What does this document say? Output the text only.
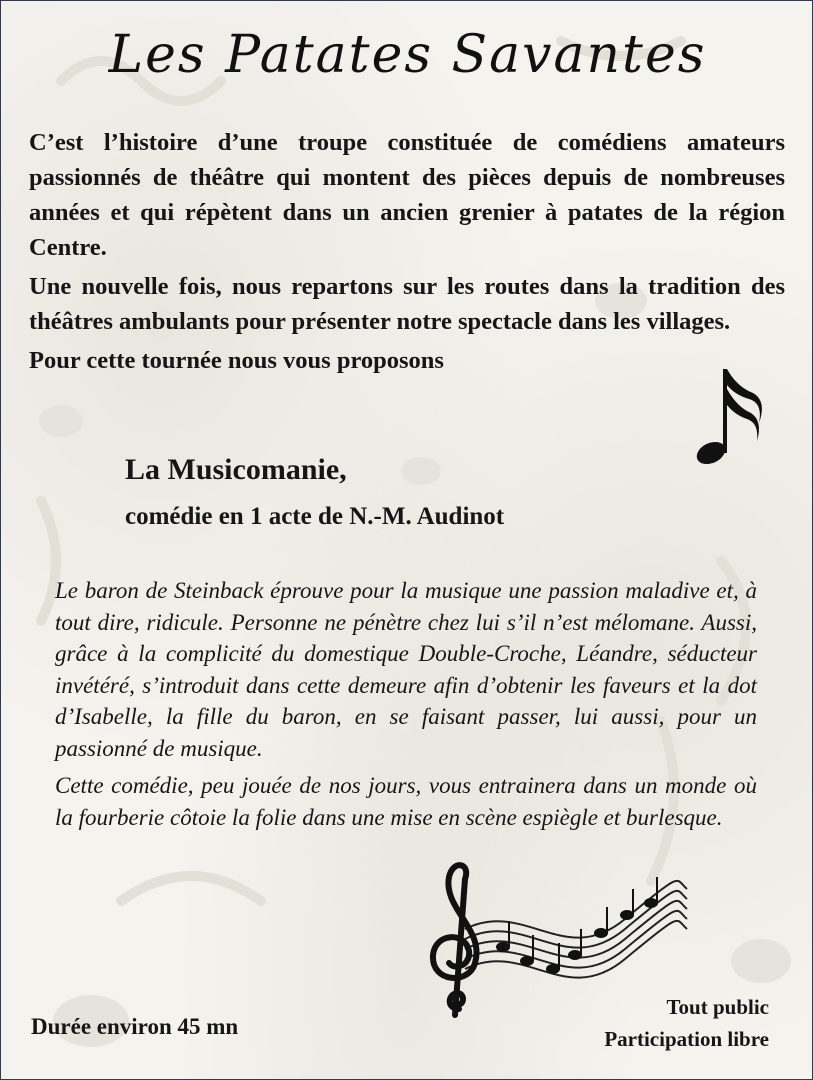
Les Patates Savantes

C’est l’histoire d’une troupe constituée de comédiens amateurs passionnés de théâtre qui montent des pièces depuis de nombreuses années et qui répètent dans un ancien grenier à patates de la région Centre.

Une nouvelle fois, nous repartons sur les routes dans la tradition des théâtres ambulants pour présenter notre spectacle dans les villages.

Pour cette tournée nous vous proposons

La Musicomanie,
comédie en 1 acte de N.-M. Audinot

Le baron de Steinback éprouve pour la musique une passion maladive et, à tout dire, ridicule. Personne ne pénètre chez lui s’il n’est mélomane. Aussi, grâce à la complicité du domestique Double-Croche, Léandre, séducteur invétéré, s’introduit dans cette demeure afin d’obtenir les faveurs et la dot d’Isabelle, la fille du baron, en se faisant passer, lui aussi, pour un passionné de musique.

Cette comédie, peu jouée de nos jours, vous entrainera dans un monde où la fourberie côtoie la folie dans une mise en scène espiègle et burlesque.

Durée environ 45 mn
Tout public
Participation libre
